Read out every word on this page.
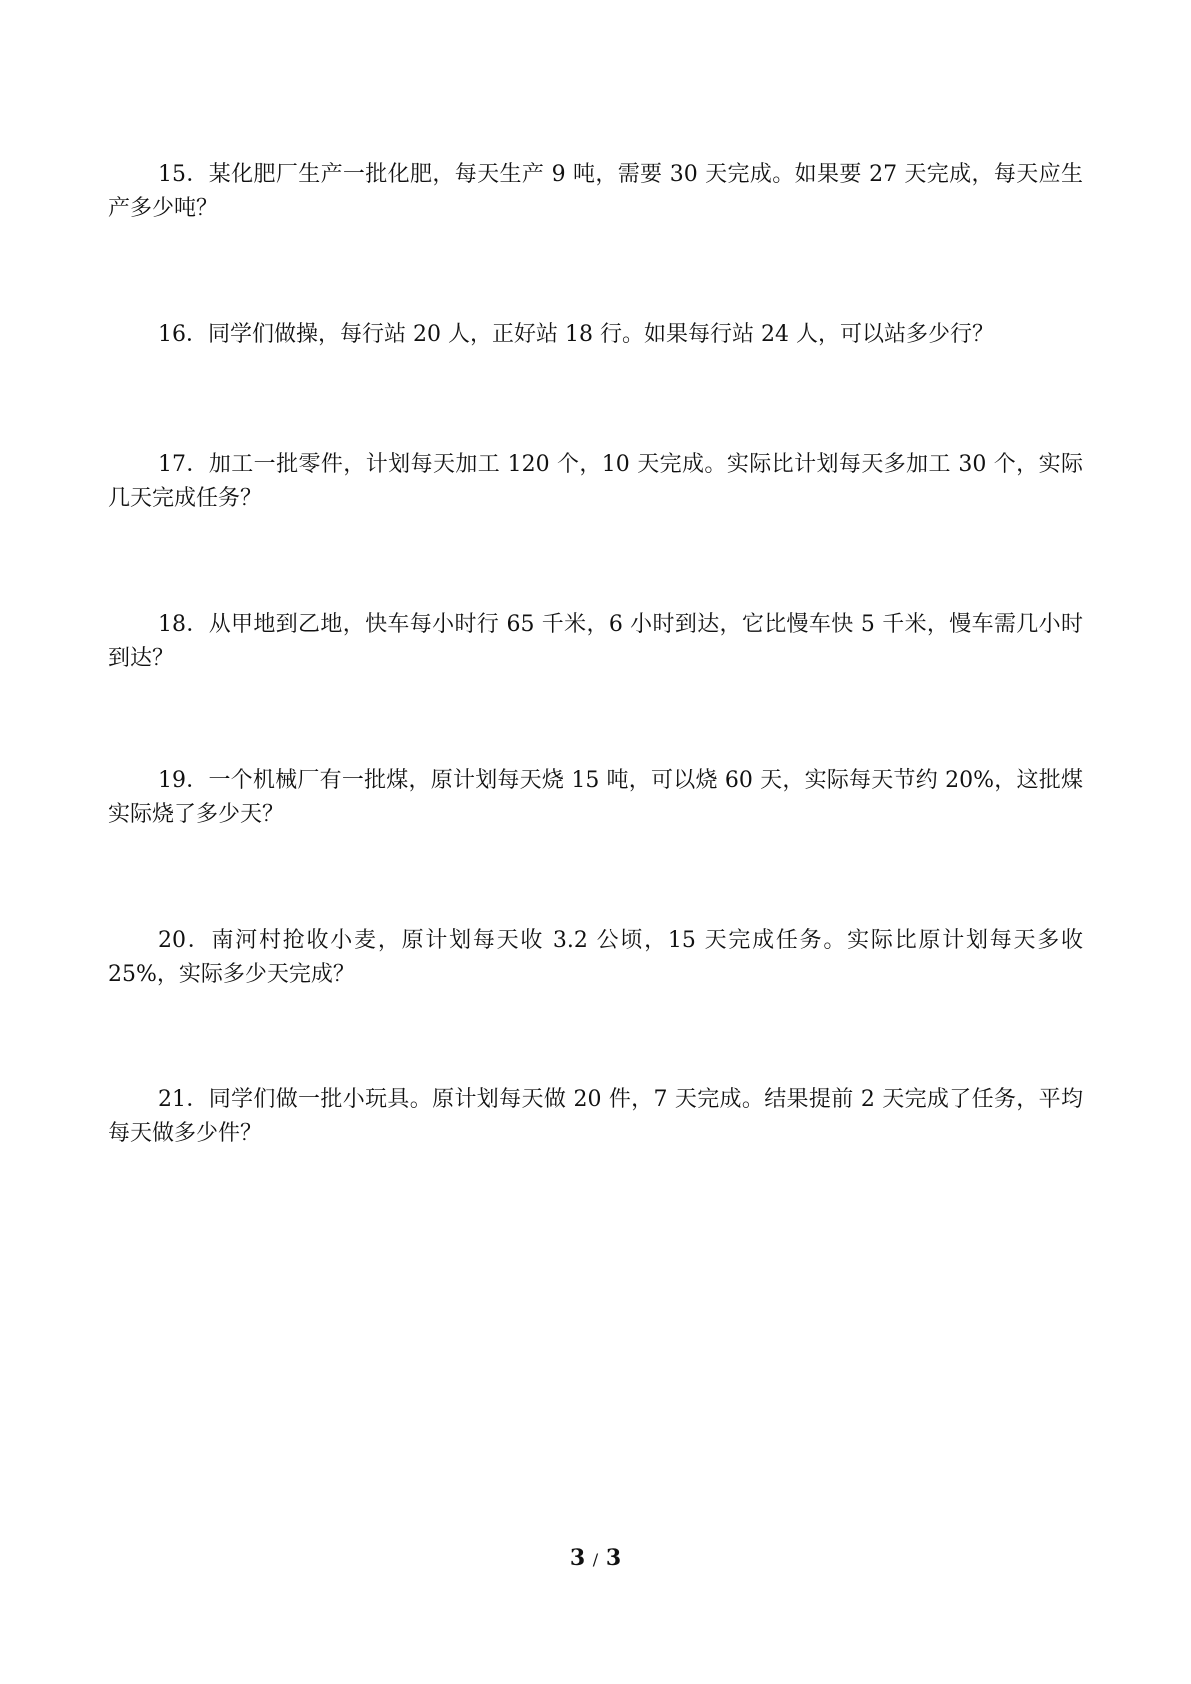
15．某化肥厂生产一批化肥，每天生产 9 吨，需要 30 天完成。如果要 27 天完成，每天应生产多少吨？

16．同学们做操，每行站 20 人，正好站 18 行。如果每行站 24 人，可以站多少行？

17．加工一批零件，计划每天加工 120 个，10 天完成。实际比计划每天多加工 30 个，实际几天完成任务？

18．从甲地到乙地，快车每小时行 65 千米，6 小时到达，它比慢车快 5 千米，慢车需几小时到达？

19．一个机械厂有一批煤，原计划每天烧 15 吨，可以烧 60 天，实际每天节约 20%，这批煤实际烧了多少天？

20．南河村抢收小麦，原计划每天收 3.2 公顷，15 天完成任务。实际比原计划每天多收 25%，实际多少天完成？

21．同学们做一批小玩具。原计划每天做 20 件，7 天完成。结果提前 2 天完成了任务，平均每天做多少件？

3 / 3
